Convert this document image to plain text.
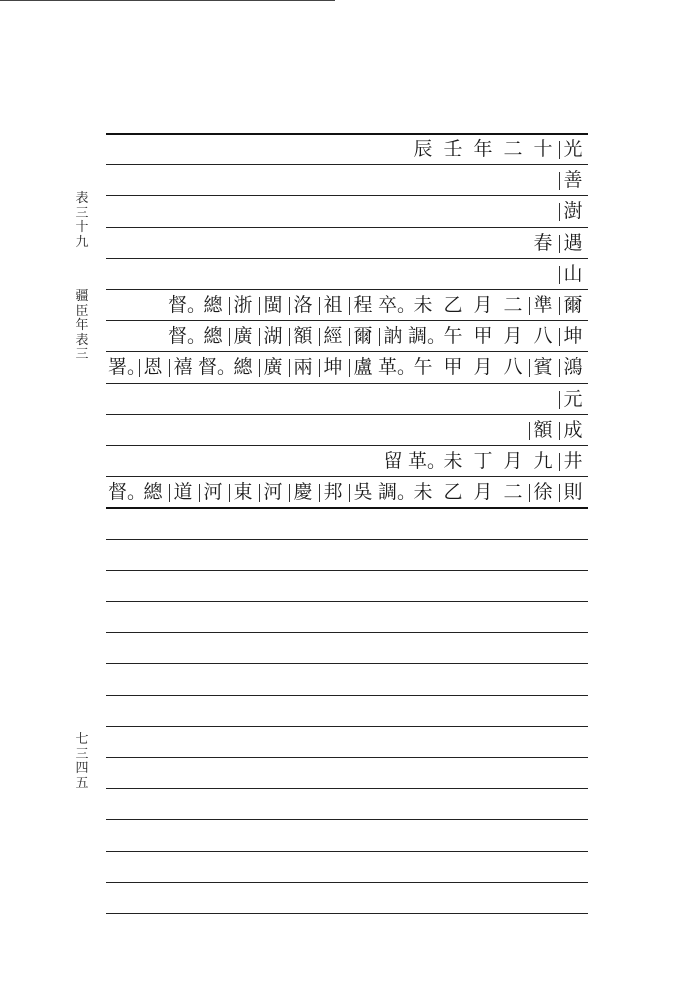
表
三
十
九
疆
臣
年
表
三
七
三
四
五
光
十
二
年
壬
辰
善
澍
遇
春
山
爾
準
二
月
乙
未
卒。
程
祖
洛
閩
浙
總
督。
坤
八
月
甲
午
調。
訥
爾
經
額
湖
廣
總
督。
鴻
賓
八
月
甲
午
革。
盧
坤
兩
廣
總
督。
禧
恩
署。
元
成
額
井
九
月
丁
未
革。
留
則
徐
二
月
乙
未
調。
吳
邦
慶
河
東
河
道
總
督。
